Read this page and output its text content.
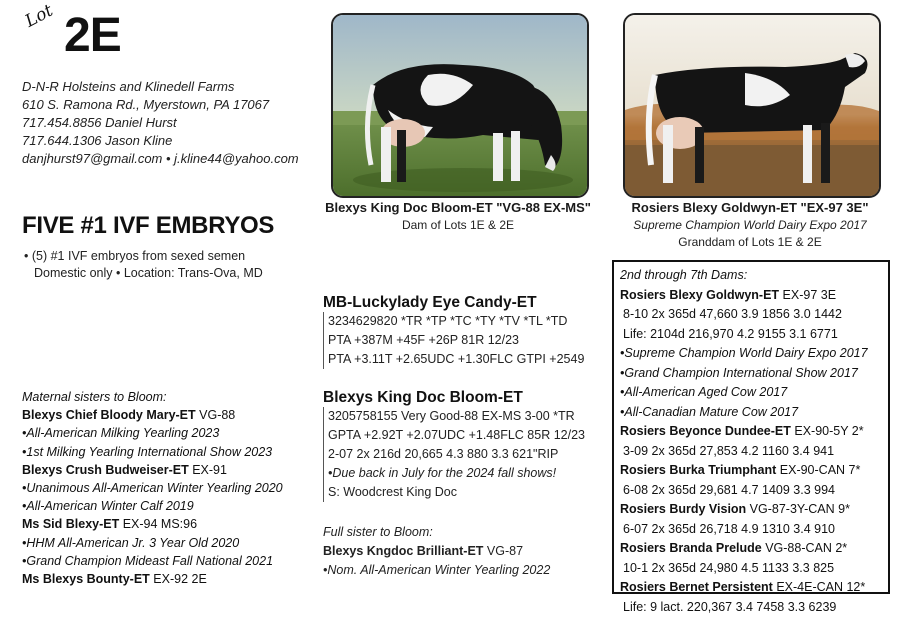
Lot 2E
D-N-R Holsteins and Klinedell Farms
610 S. Ramona Rd., Myerstown, PA 17067
717.454.8856 Daniel Hurst
717.644.1306 Jason Kline
danjhurst97@gmail.com • j.kline44@yahoo.com
FIVE #1 IVF EMBRYOS
• (5) #1 IVF embryos from sexed semen
Domestic only • Location: Trans-Ova, MD
Maternal sisters to Bloom:
Blexys Chief Bloody Mary-ET VG-88
•All-American Milking Yearling 2023
•1st Milking Yearling International Show 2023
Blexys Crush Budweiser-ET EX-91
•Unanimous All-American Winter Yearling 2020
•All-American Winter Calf 2019
Ms Sid Blexy-ET EX-94 MS:96
•HHM All-American Jr. 3 Year Old 2020
•Grand Champion Mideast Fall National 2021
Ms Blexys Bounty-ET EX-92 2E
Blexys King Doc Bloom-ET "VG-88 EX-MS"
Dam of Lots 1E & 2E
Rosiers Blexy Goldwyn-ET "EX-97 3E"
Supreme Champion World Dairy Expo 2017
Granddam of Lots 1E & 2E
MB-Luckylady Eye Candy-ET
3234629820 *TR *TP *TC *TY *TV *TL *TD
PTA +387M +45F +26P 81R 12/23
PTA +3.11T +2.65UDC +1.30FLC GTPI +2549
Blexys King Doc Bloom-ET
3205758155 Very Good-88 EX-MS 3-00 *TR
GPTA +2.92T +2.07UDC +1.48FLC 85R 12/23
2-07 2x 216d 20,665 4.3 880 3.3 621"RIP
•Due back in July for the 2024 fall shows!
S: Woodcrest King Doc
Full sister to Bloom:
Blexys Kngdoc Brilliant-ET VG-87
•Nom. All-American Winter Yearling 2022
2nd through 7th Dams:
Rosiers Blexy Goldwyn-ET EX-97 3E
8-10 2x 365d 47,660 3.9 1856 3.0 1442
Life: 2104d 216,970 4.2 9155 3.1 6771
•Supreme Champion World Dairy Expo 2017
•Grand Champion International Show 2017
•All-American Aged Cow 2017
•All-Canadian Mature Cow 2017
Rosiers Beyonce Dundee-ET EX-90-5Y 2*
3-09 2x 365d 27,853 4.2 1160 3.4 941
Rosiers Burka Triumphant EX-90-CAN 7*
6-08 2x 365d 29,681 4.7 1409 3.3 994
Rosiers Burdy Vision VG-87-3Y-CAN 9*
6-07 2x 365d 26,718 4.9 1310 3.4 910
Rosiers Branda Prelude VG-88-CAN 2*
10-1 2x 365d 24,980 4.5 1133 3.3 825
Rosiers Bernet Persistent EX-4E-CAN 12*
Life: 9 lact. 220,367 3.4 7458 3.3 6239
